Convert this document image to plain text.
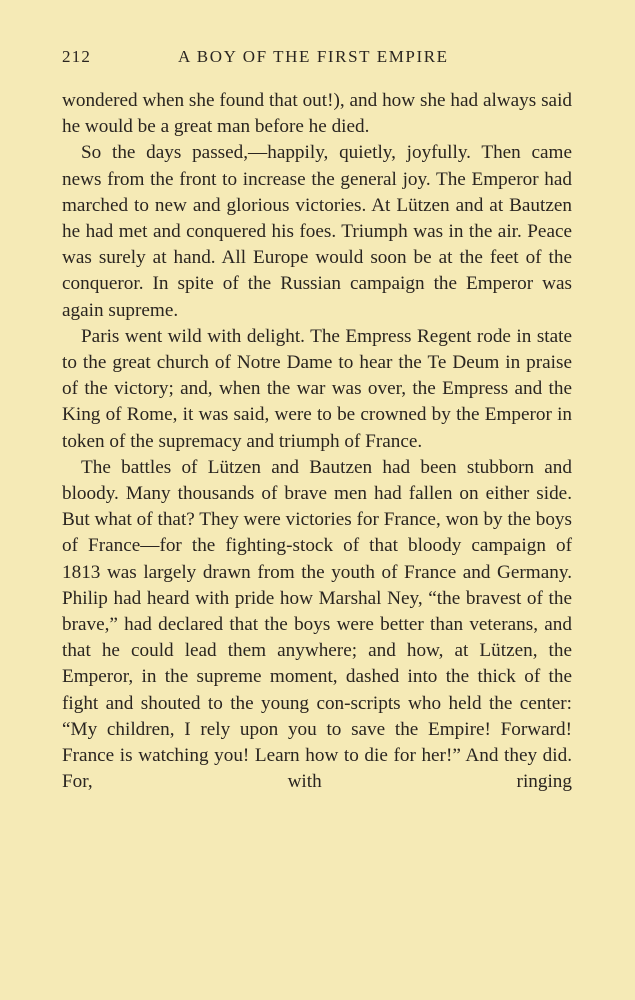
212	A BOY OF THE FIRST EMPIRE

wondered when she found that out!), and how she had always said he would be a great man before he died.

So the days passed,—happily, quietly, joyfully. Then came news from the front to increase the general joy. The Emperor had marched to new and glorious victories. At Lützen and at Bautzen he had met and conquered his foes. Triumph was in the air. Peace was surely at hand. All Europe would soon be at the feet of the conqueror. In spite of the Russian campaign the Emperor was again supreme.

Paris went wild with delight. The Empress Regent rode in state to the great church of Notre Dame to hear the Te Deum in praise of the victory; and, when the war was over, the Empress and the King of Rome, it was said, were to be crowned by the Emperor in token of the supremacy and triumph of France.

The battles of Lützen and Bautzen had been stubborn and bloody. Many thousands of brave men had fallen on either side. But what of that? They were victories for France, won by the boys of France—for the fighting-stock of that bloody campaign of 1813 was largely drawn from the youth of France and Germany. Philip had heard with pride how Marshal Ney, “the bravest of the brave,” had declared that the boys were better than veterans, and that he could lead them anywhere; and how, at Lützen, the Emperor, in the supreme moment, dashed into the thick of the fight and shouted to the young con-scripts who held the center: “My children, I rely upon you to save the Empire! Forward! France is watching you! Learn how to die for her!” And they did. For, with ringing
